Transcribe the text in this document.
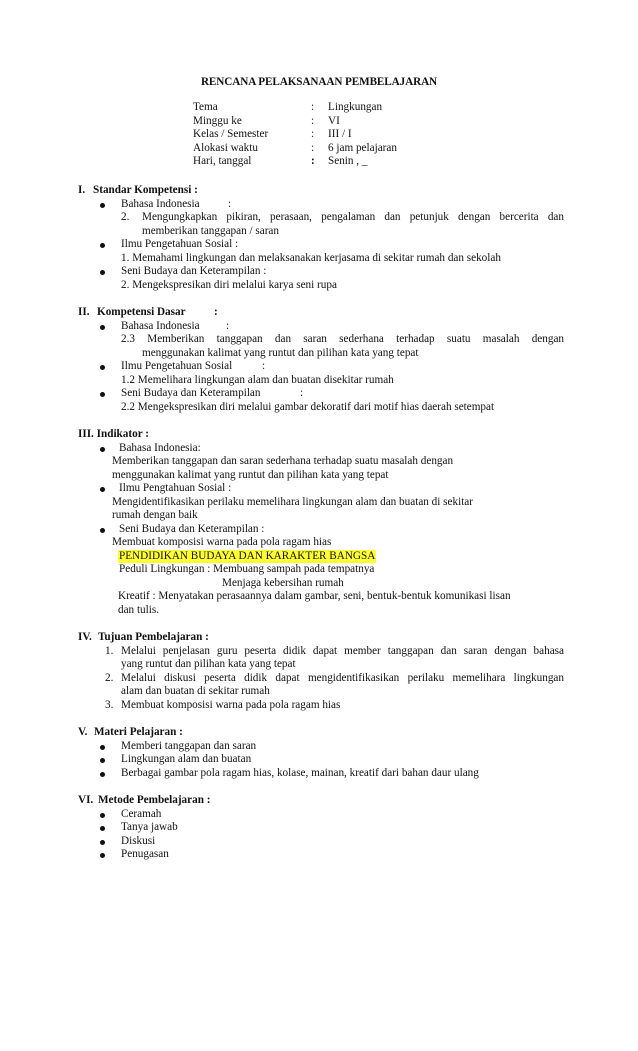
RENCANA PELAKSANAAN PEMBELAJARAN
Tema	: Lingkungan
Minggu ke	: VI
Kelas / Semester	: III / I
Alokasi waktu	: 6 jam pelajaran
Hari, tanggal	: Senin , _
I. Standar Kompetensi :
Bahasa Indonesia	:
2. Mengungkapkan pikiran, perasaan, pengalaman dan petunjuk dengan bercerita dan
memberikan tanggapan / saran
Ilmu Pengetahuan Sosial :
1. Memahami lingkungan dan melaksanakan kerjasama di sekitar rumah dan sekolah
Seni Budaya dan Keterampilan :
2. Mengekspresikan diri melalui karya seni rupa
II. Kompetensi Dasar	:
Bahasa Indonesia :
2.3 Memberikan tanggapan dan saran sederhana terhadap suatu masalah dengan
menggunakan kalimat yang runtut dan pilihan kata yang tepat
Ilmu Pengetahuan Sosial	:
1.2 Memelihara lingkungan alam dan buatan disekitar rumah
Seni Budaya dan Keterampilan	:
2.2 Mengekspresikan diri melalui gambar dekoratif dari motif hias daerah setempat
III. Indikator :
Bahasa Indonesia:
Memberikan tanggapan dan saran sederhana terhadap suatu masalah dengan
menggunakan kalimat yang runtut dan pilihan kata yang tepat
Ilmu Pengtahuan Sosial :
Mengidentifikasikan perilaku memelihara lingkungan alam dan buatan di sekitar
rumah dengan baik
Seni Budaya dan Keterampilan :
Membuat komposisi warna pada pola ragam hias
PENDIDIKAN BUDAYA DAN KARAKTER BANGSA
Peduli Lingkungan : Membuang sampah pada tempatnya
Menjaga kebersihan rumah
Kreatif : Menyatakan perasaannya dalam gambar, seni, bentuk-bentuk komunikasi lisan
dan tulis.
IV. Tujuan Pembelajaran :
1. Melalui penjelasan guru peserta didik dapat member tanggapan dan saran dengan bahasa
yang runtut dan pilihan kata yang tepat
2. Melalui diskusi peserta didik dapat mengidentifikasikan perilaku memelihara lingkungan
alam dan buatan di sekitar rumah
3. Membuat komposisi warna pada pola ragam hias
V. Materi Pelajaran :
Memberi tanggapan dan saran
Lingkungan alam dan buatan
Berbagai gambar pola ragam hias, kolase, mainan, kreatif dari bahan daur ulang
VI. Metode Pembelajaran :
Ceramah
Tanya jawab
Diskusi
Penugasan
